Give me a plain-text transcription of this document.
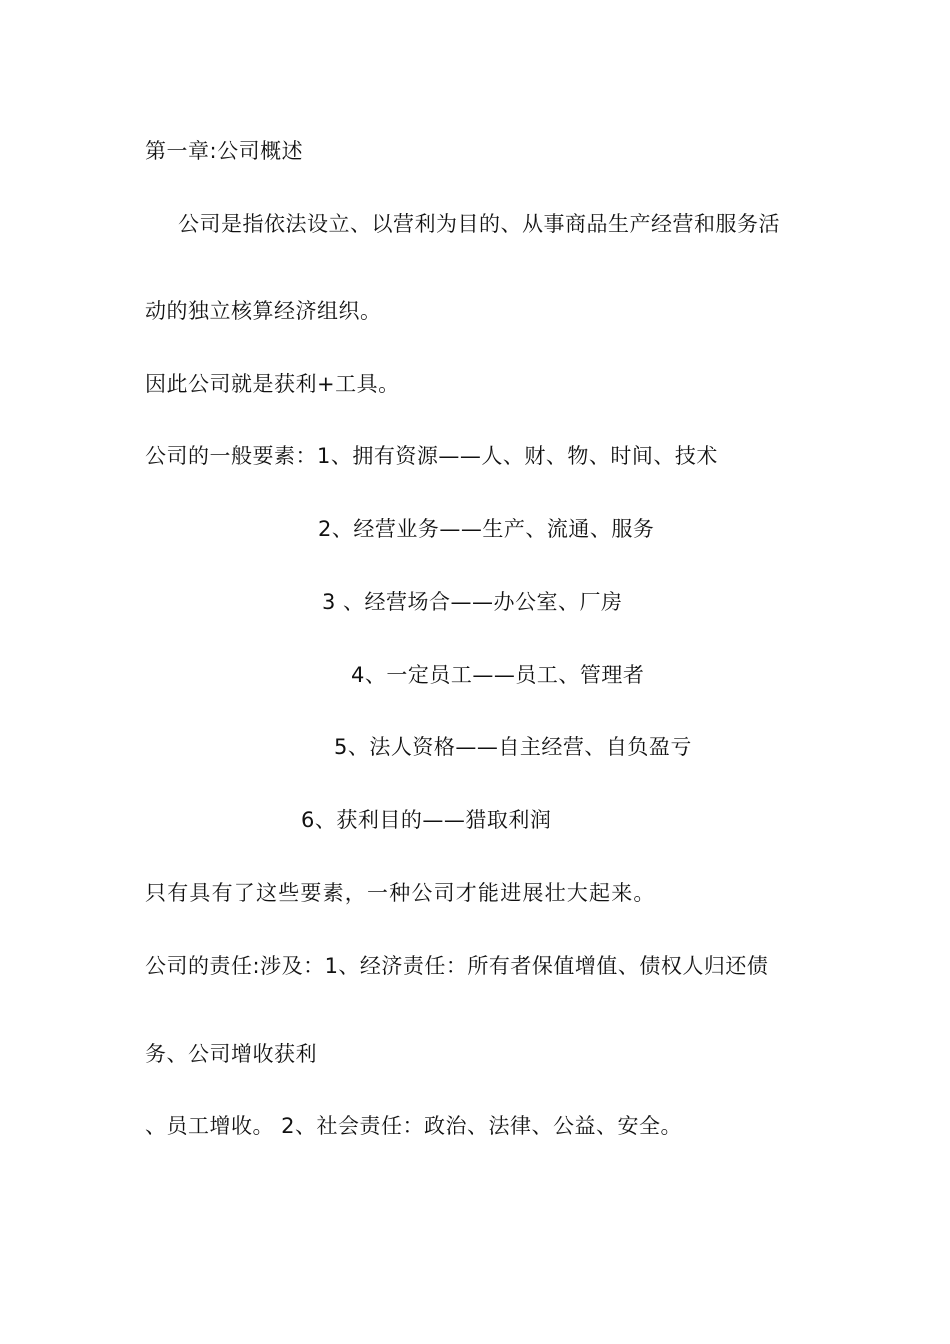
第一章:公司概述
公司是指依法设立、以营利为目的、从事商品生产经营和服务活
动的独立核算经济组织。
因此公司就是获利+工具。
公司的一般要素：1、拥有资源——人、财、物、时间、技术
2、经营业务——生产、流通、服务
3 、经营场合——办公室、厂房
4、一定员工——员工、管理者
5、法人资格——自主经营、自负盈亏
6、获利目的——猎取利润
只有具有了这些要素，一种公司才能进展壮大起来。
公司的责任:涉及：1、经济责任：所有者保值增值、债权人归还债
务、公司增收获利
、员工增收。 2、社会责任：政治、法律、公益、安全。
